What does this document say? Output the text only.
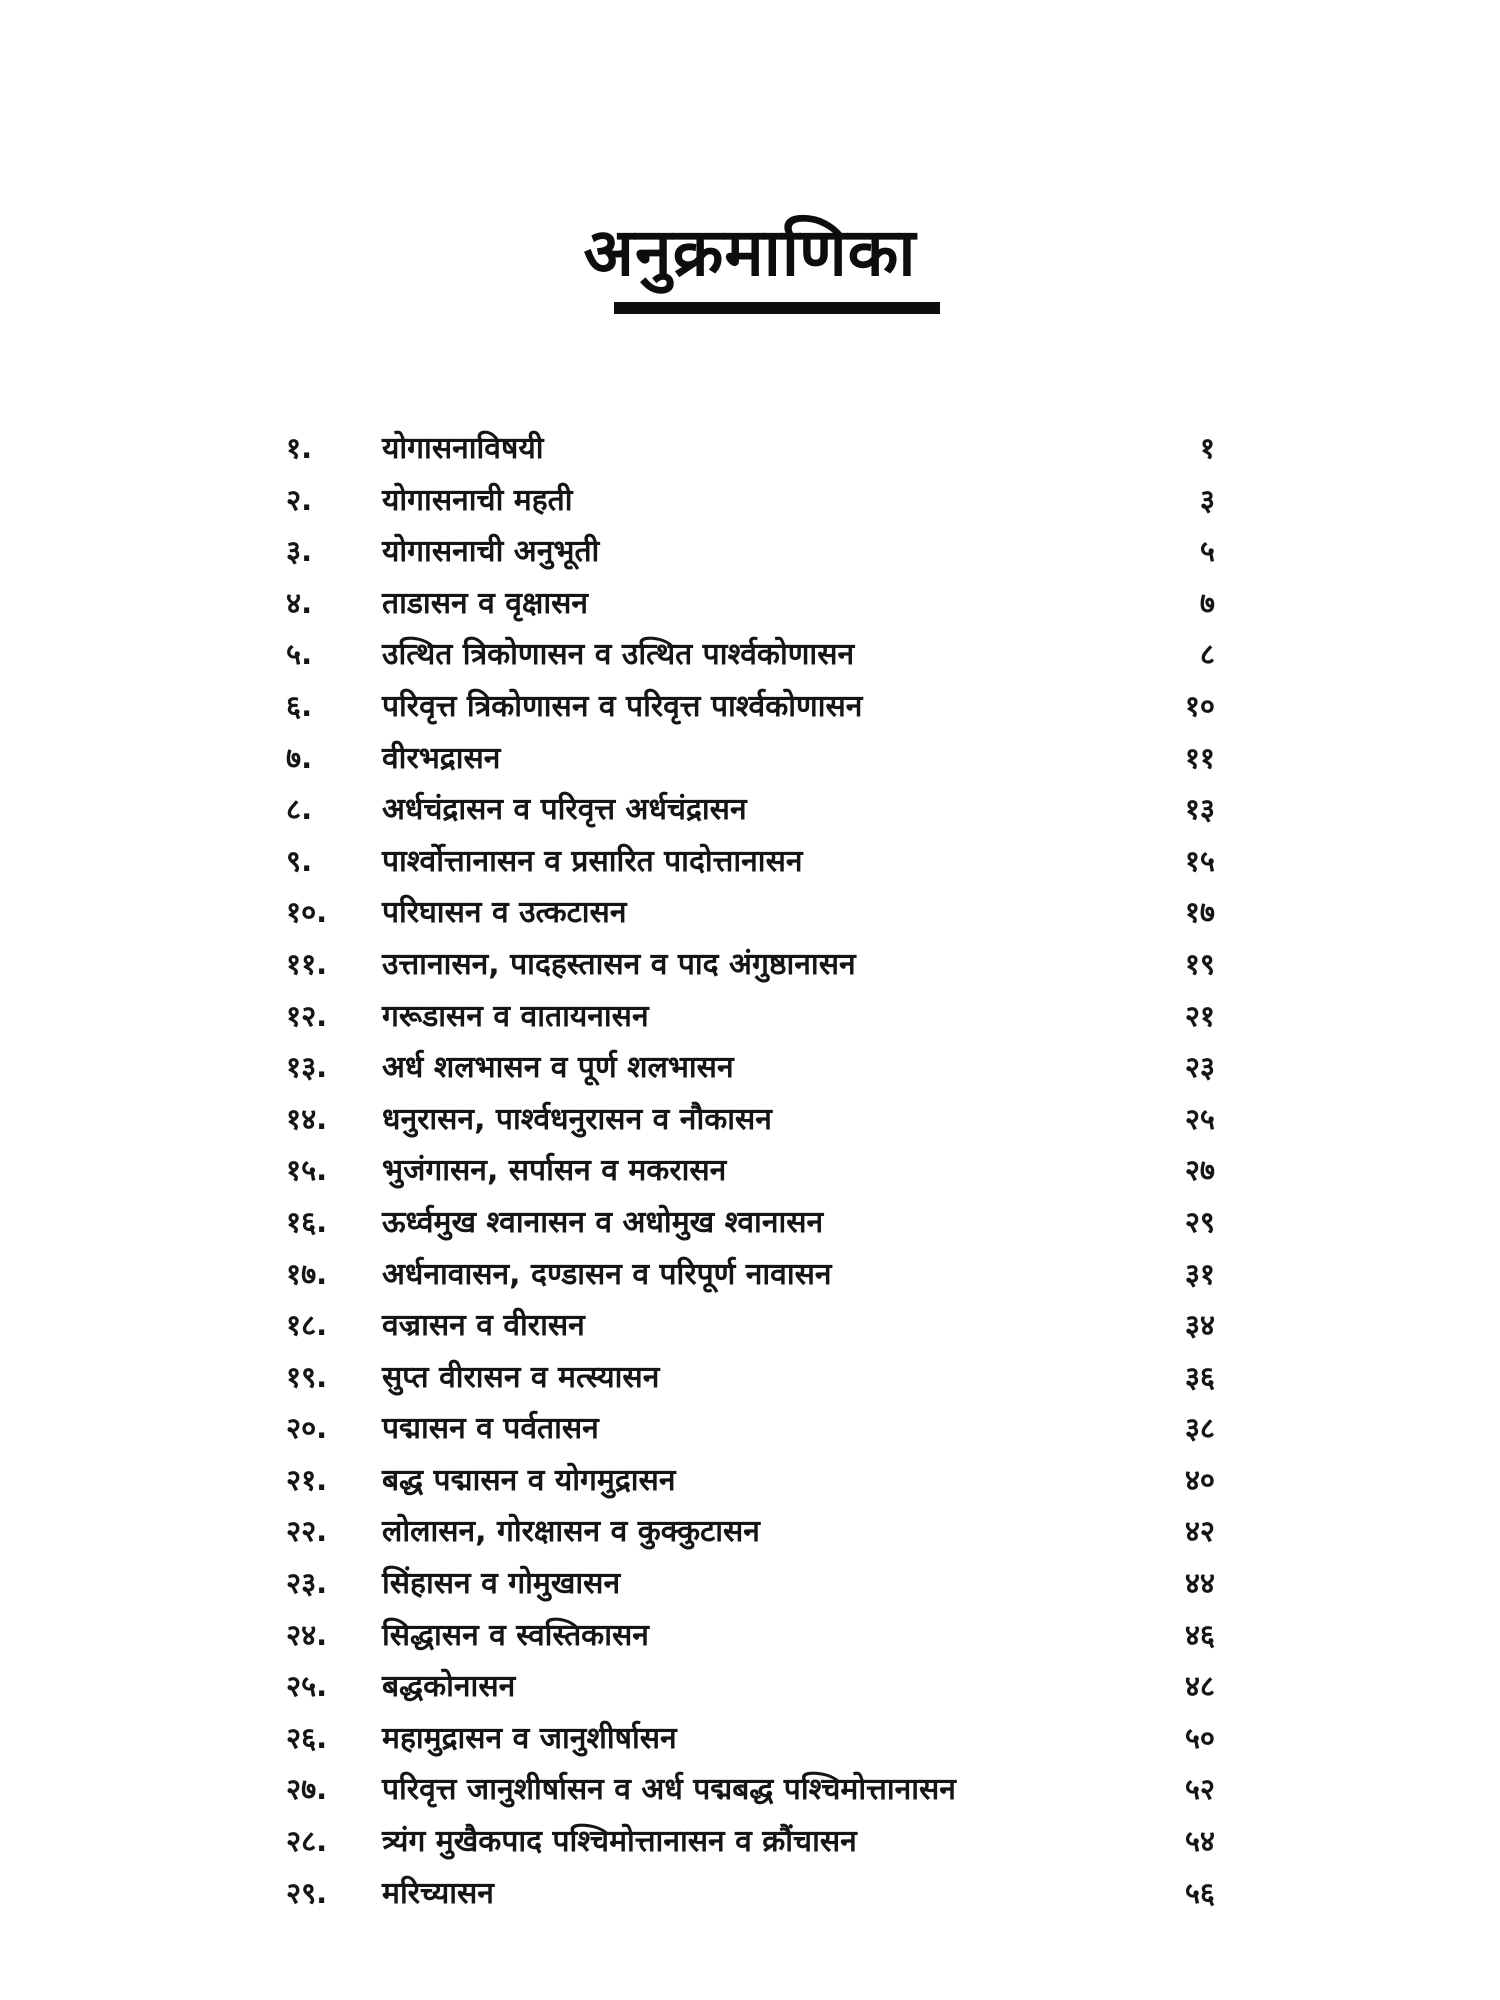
अनुक्रमाणिका
१. योगासनाविषयी	१
२. योगासनाची महती	३
३. योगासनाची अनुभूती	५
४. ताडासन व वृक्षासन	७
५. उत्थित त्रिकोणासन व उत्थित पार्श्वकोणासन	८
६. परिवृत्त त्रिकोणासन व परिवृत्त पार्श्वकोणासन	१०
७. वीरभद्रासन	११
८. अर्धचंद्रासन व परिवृत्त अर्धचंद्रासन	१३
९. पार्श्वोत्तानासन व प्रसारित पादोत्तानासन	१५
१०. परिघासन व उत्कटासन	१७
११. उत्तानासन, पादहस्तासन व पाद अंगुष्ठानासन	१९
१२. गरूडासन व वातायनासन	२१
१३. अर्ध शलभासन व पूर्ण शलभासन	२३
१४. धनुरासन, पार्श्वधनुरासन व नौकासन	२५
१५. भुजंगासन, सर्पासन व मकरासन	२७
१६. ऊर्ध्वमुख श्वानासन व अधोमुख श्वानासन	२९
१७. अर्धनावासन, दण्डासन व परिपूर्ण नावासन	३१
१८. वज्रासन व वीरासन	३४
१९. सुप्त वीरासन व मत्स्यासन	३६
२०. पद्मासन व पर्वतासन	३८
२१. बद्ध पद्मासन व योगमुद्रासन	४०
२२. लोलासन, गोरक्षासन व कुक्कुटासन	४२
२३. सिंहासन व गोमुखासन	४४
२४. सिद्धासन व स्वस्तिकासन	४६
२५. बद्धकोनासन	४८
२६. महामुद्रासन व जानुशीर्षासन	५०
२७. परिवृत्त जानुशीर्षासन व अर्ध पद्मबद्ध पश्चिमोत्तानासन	५२
२८. त्र्यंग मुखैकपाद पश्चिमोत्तानासन व क्रौंचासन	५४
२९. मरिच्यासन	५६
